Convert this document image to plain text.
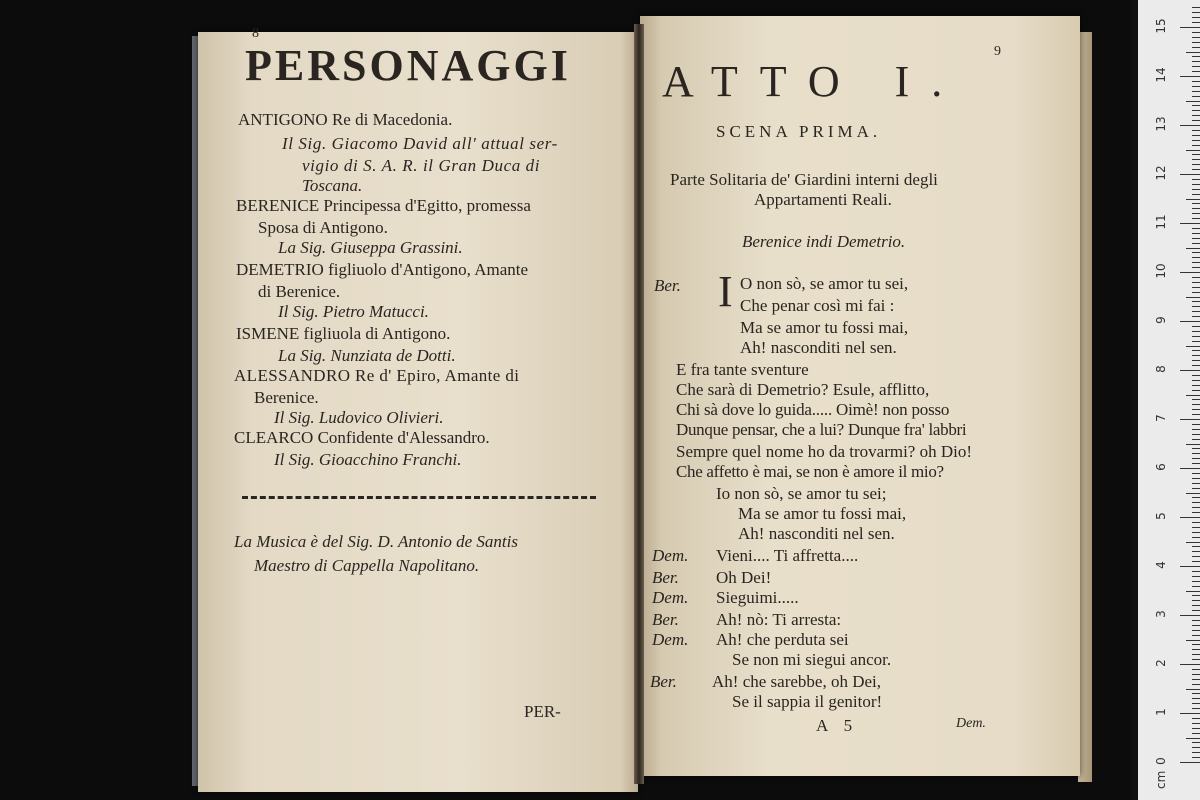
8
PERSONAGGI
ANTIGONO Re di Macedonia.
Il Sig. Giacomo David all' attual ser-
vigio di S. A. R. il Gran Duca di
Toscana.
BERENICE Principessa d'Egitto, promessa
Sposa di Antigono.
La Sig. Giuseppa Grassini.
DEMETRIO figliuolo d'Antigono, Amante
di Berenice.
Il Sig. Pietro Matucci.
ISMENE figliuola di Antigono.
La Sig. Nunziata de Dotti.
ALESSANDRO Re d' Epiro, Amante di
Berenice.
Il Sig. Ludovico Olivieri.
CLEARCO Confidente d'Alessandro.
Il Sig. Gioacchino Franchi.
La Musica è del Sig. D. Antonio de Santis
Maestro di Cappella Napolitano.
PER-
9
ATTO I.
SCENA PRIMA.
Parte Solitaria de' Giardini interni degli
Appartamenti Reali.
Berenice indi Demetrio.
Ber. I O non sò, se amor tu sei,
Che penar così mi fai :
Ma se amor tu fossi mai,
Ah! nasconditi nel sen.
E fra tante sventure
Che sarà di Demetrio? Esule, afflitto,
Chi sà dove lo guida..... Oimè! non posso
Dunque pensar, che a lui? Dunque fra' labbri
Sempre quel nome ho da trovarmi? oh Dio!
Che affetto è mai, se non è amore il mio?
Io non sò, se amor tu sei;
Ma se amor tu fossi mai,
Ah! nasconditi nel sen.
Dem. Vieni.... Ti affretta....
Ber. Oh Dei!
Dem. Sieguimi.....
Ber. Ah! nò: Ti arresta:
Dem. Ah! che perduta sei
Se non mi siegui ancor.
Ber. Ah! che sarebbe, oh Dei,
Se il sappia il genitor!
A 5	Dem.
0
1
2
3
4
5
6
7
8
9
10
11
12
13
14
15
cm
